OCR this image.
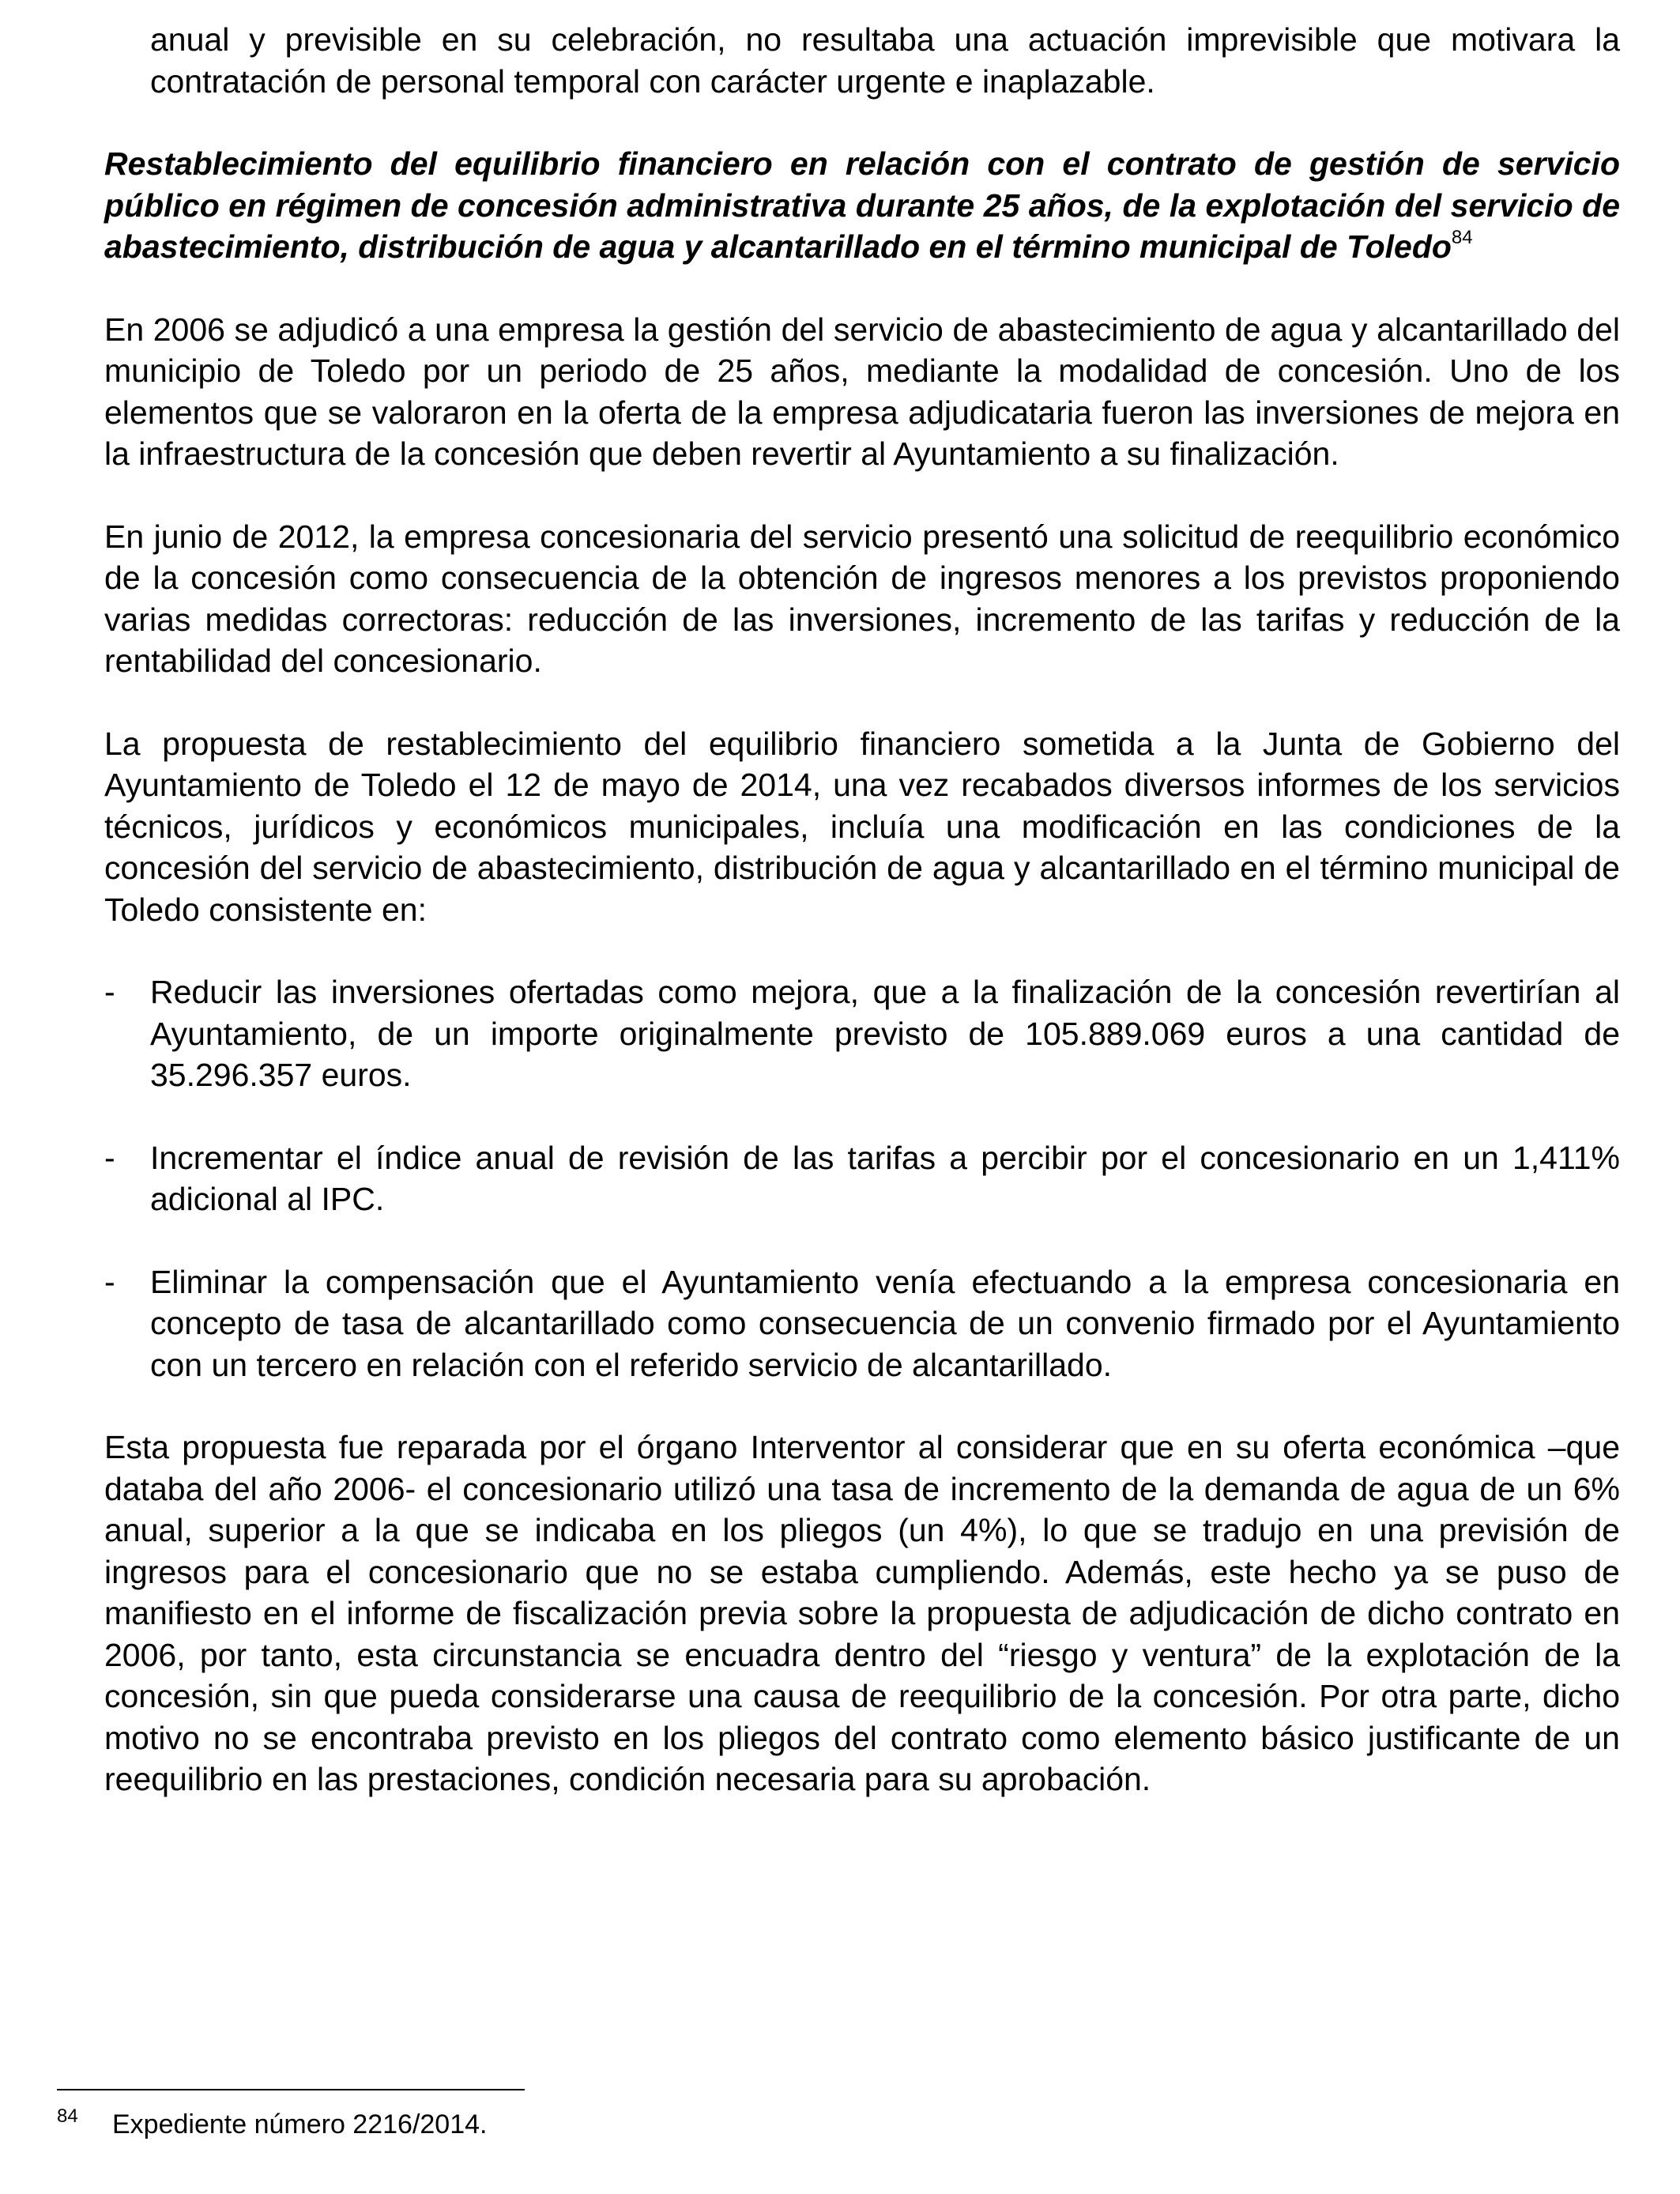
anual y previsible en su celebración, no resultaba una actuación imprevisible que motivara la contratación de personal temporal con carácter urgente e inaplazable.

Restablecimiento del equilibrio financiero en relación con el contrato de gestión de servicio público en régimen de concesión administrativa durante 25 años, de la explotación del servicio de abastecimiento, distribución de agua y alcantarillado en el término municipal de Toledo$^{84}$

En 2006 se adjudicó a una empresa la gestión del servicio de abastecimiento de agua y alcantarillado del municipio de Toledo por un periodo de 25 años, mediante la modalidad de concesión. Uno de los elementos que se valoraron en la oferta de la empresa adjudicataria fueron las inversiones de mejora en la infraestructura de la concesión que deben revertir al Ayuntamiento a su finalización.

En junio de 2012, la empresa concesionaria del servicio presentó una solicitud de reequilibrio económico de la concesión como consecuencia de la obtención de ingresos menores a los previstos proponiendo varias medidas correctoras: reducción de las inversiones, incremento de las tarifas y reducción de la rentabilidad del concesionario.

La propuesta de restablecimiento del equilibrio financiero sometida a la Junta de Gobierno del Ayuntamiento de Toledo el 12 de mayo de 2014, una vez recabados diversos informes de los servicios técnicos, jurídicos y económicos municipales, incluía una modificación en las condiciones de la concesión del servicio de abastecimiento, distribución de agua y alcantarillado en el término municipal de Toledo consistente en:

-	Reducir las inversiones ofertadas como mejora, que a la finalización de la concesión revertirían al Ayuntamiento, de un importe originalmente previsto de 105.889.069 euros a una cantidad de 35.296.357 euros.
-	Incrementar el índice anual de revisión de las tarifas a percibir por el concesionario en un 1,411% adicional al IPC.
-	Eliminar la compensación que el Ayuntamiento venía efectuando a la empresa concesionaria en concepto de tasa de alcantarillado como consecuencia de un convenio firmado por el Ayuntamiento con un tercero en relación con el referido servicio de alcantarillado.

Esta propuesta fue reparada por el órgano Interventor al considerar que en su oferta económica –que databa del año 2006- el concesionario utilizó una tasa de incremento de la demanda de agua de un 6% anual, superior a la que se indicaba en los pliegos (un 4%), lo que se tradujo en una previsión de ingresos para el concesionario que no se estaba cumpliendo. Además, este hecho ya se puso de manifiesto en el informe de fiscalización previa sobre la propuesta de adjudicación de dicho contrato en 2006, por tanto, esta circunstancia se encuadra dentro del “riesgo y ventura” de la explotación de la concesión, sin que pueda considerarse una causa de reequilibrio de la concesión. Por otra parte, dicho motivo no se encontraba previsto en los pliegos del contrato como elemento básico justificante de un reequilibrio en las prestaciones, condición necesaria para su aprobación.

84	Expediente número 2216/2014.
